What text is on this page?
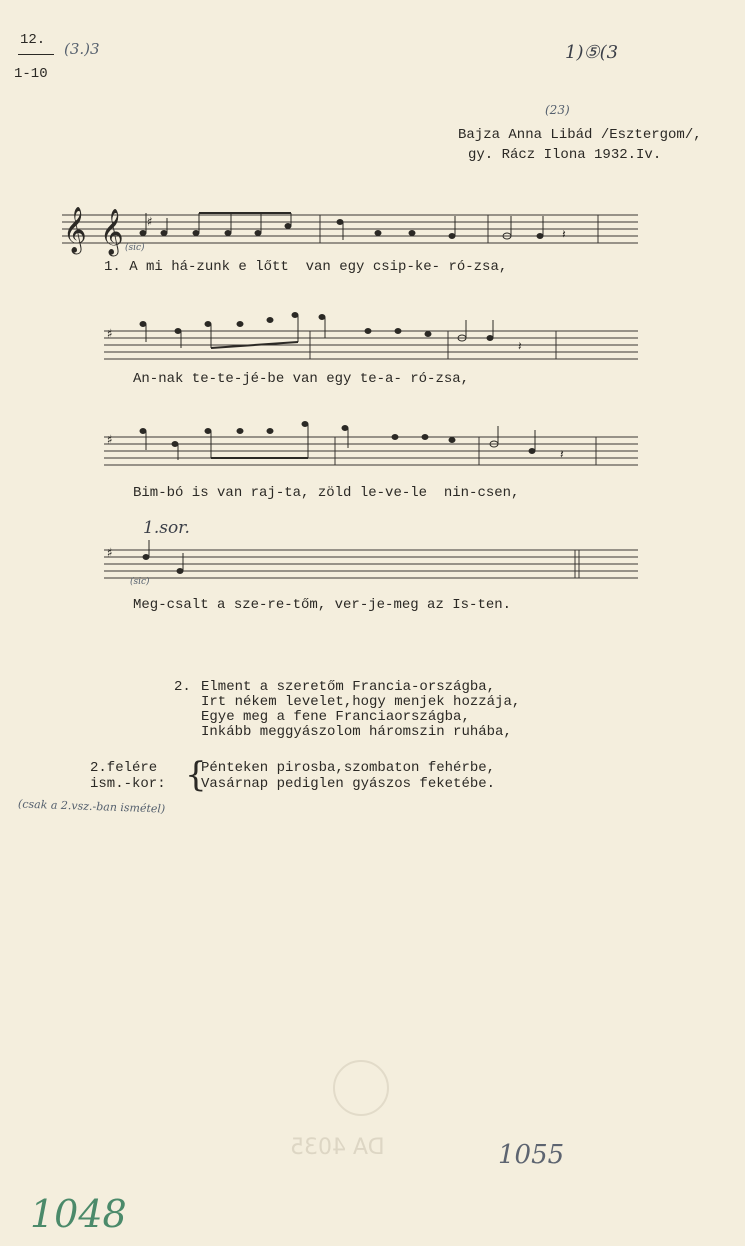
12.
1-10
(3.)3	1)⑤(3
(23)
Bajza Anna Libád /Esztergom/,
gy. Rácz Ilona 1932.Iv.
𝄞 𝄞 ♯
𝄽
♯
𝄽
♯
𝄽
♯
(sic)
1.sor.
(sic)
1. A mi há-zunk e lőtt  van egy csip-ke- ró-zsa,
An-nak te-te-jé-be van egy te-a- ró-zsa,
Bim-bó is van raj-ta, zöld le-ve-le  nin-csen,
Meg-csalt a sze-re-tőm, ver-je-meg az Is-ten.
2. Elment a szeretőm Francia-országba,
Irt nékem levelet,hogy menjek hozzája,
Egye meg a fene Franciaországba,
Inkább meggyászolom háromszin ruhába,
2.felére
ism.-kor: {
Pénteken pirosba,szombaton fehérbe,
Vasárnap pediglen gyászos feketébe.
(csak a 2.vsz.-ban ismétel)
DA 4035	1055
1048
